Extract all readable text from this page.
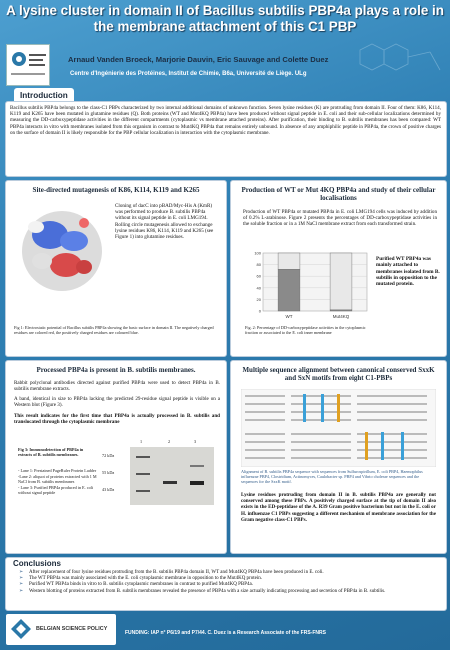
A lysine cluster in domain II of Bacillus subtilis PBP4a plays a role in the membrane attachment of this C1 PBP
Arnaud Vanden Broeck, Marjorie Dauvin, Eric Sauvage and Colette Duez
Centre d'Ingénierie des Protéines, Institut de Chimie, B6a, Université de Liège. ULg
Introduction

Bacillus subtilis PBP4a belongs to the class-C1 PBPs characterized by two internal additional domains of unknown function. Seven lysine residues (K) are protruding from domain II. Four of them: K86, K114, K119 and K265 have been mutated in glutamine residues (Q). Both proteins (WT and Mut4KQ PBP4a) have been produced without signal peptide in E. coli and their sub-cellular localizations determined by measuring the DD-carboxypeptidase activities in the different compartments (cytoplasmic vs membrane attached proteins). After purification, their binding to B. subtilis membranes has been compared: WT PBP4a interacts in vitro with membranes isolated from this organism in contrast to Mut4KQ PBP4a that remains entirely unbound. In absence of any amphiphilic peptide in PBP4a, the crown of positive charges on the surface of domain II is likely responsible for the PBP cellular localization in interaction with the cytoplasmic membrane.

Site-directed mutagenesis of K86, K114, K119 and K265

Cloning of dacC into pBAD/Myc-His A (KmR) was performed to produce B. subtilis PBP4a without its signal peptide in E. coli LMG194. Rolling circle mutagenesis allowed to exchange lysine residues K86, K114, K119 and K265 (see Figure 1) into glutamine residues.

Fig 1: Electrostatic potential of Bacillus subtilis PBP4a showing the basic surface in domain II. The negatively charged residues are colored red, the positively charged residues are coloured blue.

Production of WT or Mut 4KQ PBP4a and study of their cellular localisations

Production of WT PBP4a or mutated PBP4a in E. coli LMG194 cells was induced by addition of 0.2% L-arabinose. Figure 2 presents the percentages of DD-carboxypeptidase activities in the soluble fraction or in a 1M NaCl membrane extract from each transformed strain.

100
80
60
40
20
0
WT	Mut4KQ

Purified WT PBP4a was mainly attached to membranes isolated from B. subtilis in opposition to the mutated protein.

Fig. 2: Percentage of DD-carboxypeptidase activities in the cytoplasmic fraction or associated to the E. coli inner membrane

Processed PBP4a is present in B. subtilis membranes.

Rabbit polyclonal antibodies directed against purified PBP4a were used to detect PBP4a in B. subtilis membrane extracts.

A band, identical in size to PBP4a lacking the predicted 29-residue signal peptide is visible on a Western blot (Figure 3).

This result indicates for the first time that PBP4a is actually processed in B. subtilis and translocated through the cytoplasmic membrane

Fig 3: Immunodetection of PBP4a in extracts of B. subtilis membranes.

- Lane 1: Prestained PageRuler Protein Ladder

-Lane 2: aliquot of proteins extracted with 1 M NaCl from B. subtilis membranes

- Lane 3: Purified PBP4a produced in E. coli without signal peptide

72 kDa
55 kDa
43 kDa
1	2	3
Multiple sequence alignment between canonical conserved SxxK and SxN motifs from eight C1-PBPs

Alignment of B. subtilis PBP4a sequence with sequences from Sulfurospirillum, E. coli PBP4, Haemophilus influenzae PBP4, Clostridium, Actinomyces, Caulobacter sp. PBP4 and Vibrio cholerae sequences and the sequences for the SxxK motif.

Lysine residues protruding from domain II in B. subtilis PBP4a are generally not conserved among these PBPs. A positively charged surface at the tip of domain II also exists in the ED-peptidase of the A. R39 Gram positive bacterium but not in the E. coli or H. influenzae C1 PBPs suggesting a different mechanism of membrane association for the Gram negative class-C1 PBPs.

Conclusions
➢ After replacement of four lysine residues protruding from the B. subtilis PBP4a domain II, WT and Mut4KQ PBP4a have been produced in E. coli.
➢ The WT PBP4a was mainly associated with the E. coli cytoplasmic membrane in opposition to the Mut4KQ protein.
➢ Purified WT PBP4a binds in vitro to B. subtilis cytoplasmic membranes in contrast to purified Mut4KQ PBP4a.
➢ Western blotting of proteins extracted from B. subtilis membranes revealed the presence of PBP4a with a size actually indicating processing and secretion of PBP4a in B. subtilis.
BELGIAN SCIENCE POLICY
FUNDING: IAP n° P6/19 and P7/44. C. Duez is a Research Associate of the FRS-FNRS
